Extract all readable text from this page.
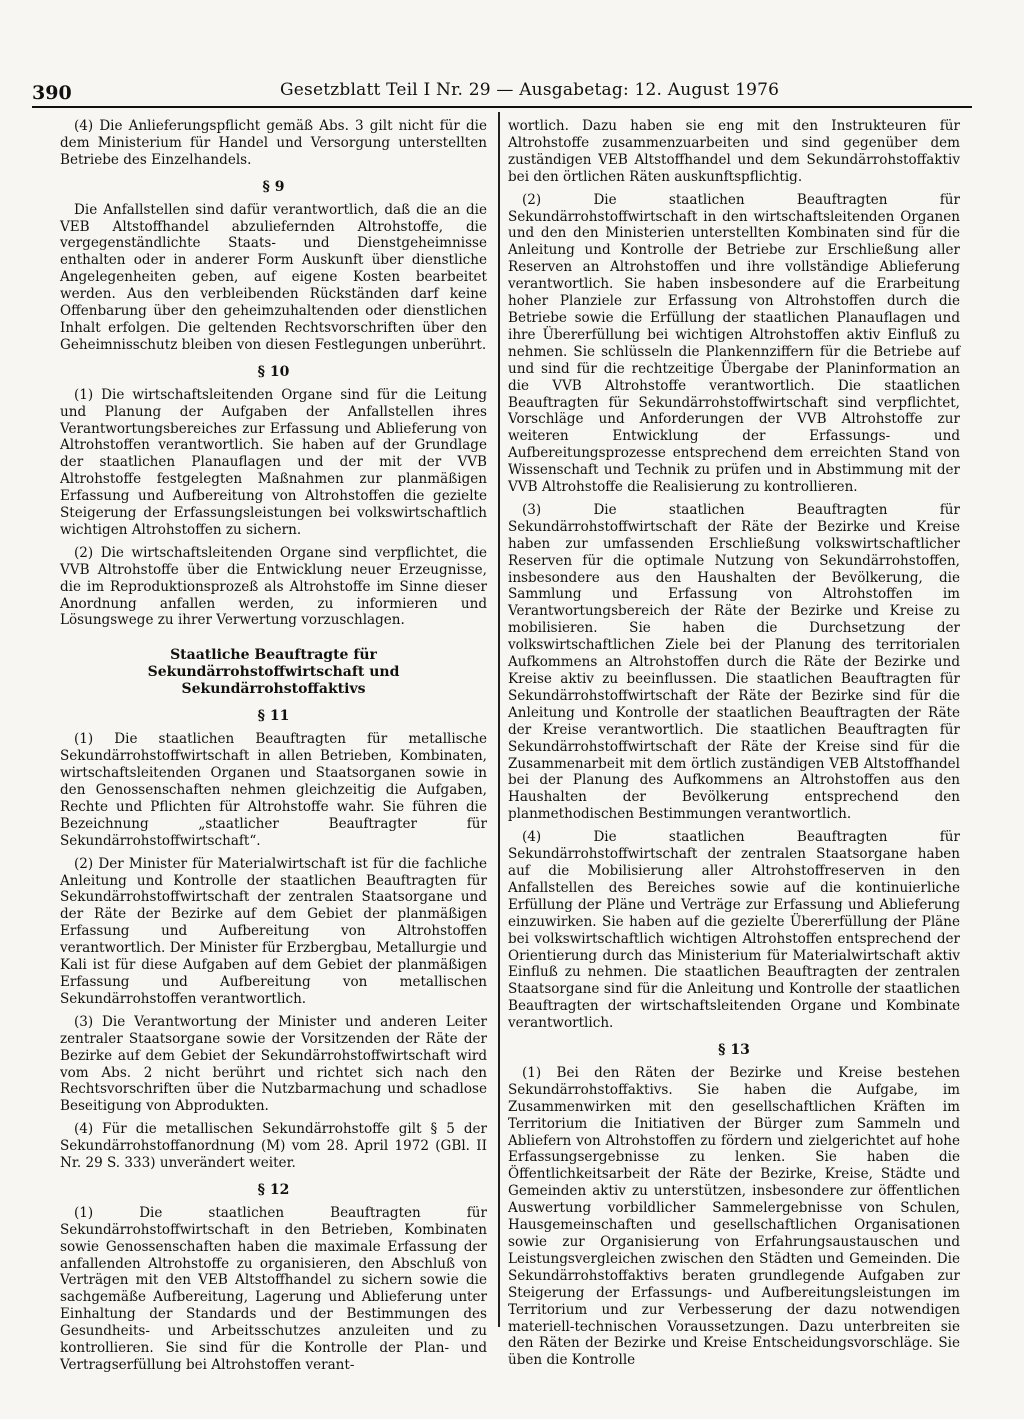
390	Gesetzblatt Teil I Nr. 29 — Ausgabetag: 12. August 1976

(4) Die Anlieferungspflicht gemäß Abs. 3 gilt nicht für die dem Ministerium für Handel und Versorgung unterstellten Betriebe des Einzelhandels.

§ 9

Die Anfallstellen sind dafür verantwortlich, daß die an die VEB Altstoffhandel abzuliefernden Altrohstoffe, die vergegenständlichte Staats- und Dienstgeheimnisse enthalten oder in anderer Form Auskunft über dienstliche Angelegenheiten geben, auf eigene Kosten bearbeitet werden. Aus den verbleibenden Rückständen darf keine Offenbarung über den geheimzuhaltenden oder dienstlichen Inhalt erfolgen. Die geltenden Rechtsvorschriften über den Geheimnisschutz bleiben von diesen Festlegungen unberührt.

§ 10

(1) Die wirtschaftsleitenden Organe sind für die Leitung und Planung der Aufgaben der Anfallstellen ihres Verantwortungsbereiches zur Erfassung und Ablieferung von Altrohstoffen verantwortlich. Sie haben auf der Grundlage der staatlichen Planauflagen und der mit der VVB Altrohstoffe festgelegten Maßnahmen zur planmäßigen Erfassung und Aufbereitung von Altrohstoffen die gezielte Steigerung der Erfassungsleistungen bei volkswirtschaftlich wichtigen Altrohstoffen zu sichern.

(2) Die wirtschaftsleitenden Organe sind verpflichtet, die VVB Altrohstoffe über die Entwicklung neuer Erzeugnisse, die im Reproduktionsprozeß als Altrohstoffe im Sinne dieser Anordnung anfallen werden, zu informieren und Lösungswege zu ihrer Verwertung vorzuschlagen.

Staatliche Beauftragte für Sekundärrohstoffwirtschaft und Sekundärrohstoffaktivs
§ 11

(1) Die staatlichen Beauftragten für metallische Sekundärrohstoffwirtschaft in allen Betrieben, Kombinaten, wirtschaftsleitenden Organen und Staatsorganen sowie in den Genossenschaften nehmen gleichzeitig die Aufgaben, Rechte und Pflichten für Altrohstoffe wahr. Sie führen die Bezeichnung „staatlicher Beauftragter für Sekundärrohstoffwirtschaft“.

(2) Der Minister für Materialwirtschaft ist für die fachliche Anleitung und Kontrolle der staatlichen Beauftragten für Sekundärrohstoffwirtschaft der zentralen Staatsorgane und der Räte der Bezirke auf dem Gebiet der planmäßigen Erfassung und Aufbereitung von Altrohstoffen verantwortlich. Der Minister für Erzbergbau, Metallurgie und Kali ist für diese Aufgaben auf dem Gebiet der planmäßigen Erfassung und Aufbereitung von metallischen Sekundärrohstoffen verantwortlich.

(3) Die Verantwortung der Minister und anderen Leiter zentraler Staatsorgane sowie der Vorsitzenden der Räte der Bezirke auf dem Gebiet der Sekundärrohstoffwirtschaft wird vom Abs. 2 nicht berührt und richtet sich nach den Rechtsvorschriften über die Nutzbarmachung und schadlose Beseitigung von Abprodukten.

(4) Für die metallischen Sekundärrohstoffe gilt § 5 der Sekundärrohstoffanordnung (M) vom 28. April 1972 (GBl. II Nr. 29 S. 333) unverändert weiter.

§ 12

(1) Die staatlichen Beauftragten für Sekundärrohstoffwirtschaft in den Betrieben, Kombinaten sowie Genossenschaften haben die maximale Erfassung der anfallenden Altrohstoffe zu organisieren, den Abschluß von Verträgen mit den VEB Altstoffhandel zu sichern sowie die sachgemäße Aufbereitung, Lagerung und Ablieferung unter Einhaltung der Standards und der Bestimmungen des Gesundheits- und Arbeitsschutzes anzuleiten und zu kontrollieren. Sie sind für die Kontrolle der Plan- und Vertragserfüllung bei Altrohstoffen verant-

wortlich. Dazu haben sie eng mit den Instrukteuren für Altrohstoffe zusammenzuarbeiten und sind gegenüber dem zuständigen VEB Altstoffhandel und dem Sekundärrohstoffaktiv bei den örtlichen Räten auskunftspflichtig.

(2) Die staatlichen Beauftragten für Sekundärrohstoffwirtschaft in den wirtschaftsleitenden Organen und den den Ministerien unterstellten Kombinaten sind für die Anleitung und Kontrolle der Betriebe zur Erschließung aller Reserven an Altrohstoffen und ihre vollständige Ablieferung verantwortlich. Sie haben insbesondere auf die Erarbeitung hoher Planziele zur Erfassung von Altrohstoffen durch die Betriebe sowie die Erfüllung der staatlichen Planauflagen und ihre Übererfüllung bei wichtigen Altrohstoffen aktiv Einfluß zu nehmen. Sie schlüsseln die Plankennziffern für die Betriebe auf und sind für die rechtzeitige Übergabe der Planinformation an die VVB Altrohstoffe verantwortlich. Die staatlichen Beauftragten für Sekundärrohstoffwirtschaft sind verpflichtet, Vorschläge und Anforderungen der VVB Altrohstoffe zur weiteren Entwicklung der Erfassungs- und Aufbereitungsprozesse entsprechend dem erreichten Stand von Wissenschaft und Technik zu prüfen und in Abstimmung mit der VVB Altrohstoffe die Realisierung zu kontrollieren.

(3) Die staatlichen Beauftragten für Sekundärrohstoffwirtschaft der Räte der Bezirke und Kreise haben zur umfassenden Erschließung volkswirtschaftlicher Reserven für die optimale Nutzung von Sekundärrohstoffen, insbesondere aus den Haushalten der Bevölkerung, die Sammlung und Erfassung von Altrohstoffen im Verantwortungsbereich der Räte der Bezirke und Kreise zu mobilisieren. Sie haben die Durchsetzung der volkswirtschaftlichen Ziele bei der Planung des territorialen Aufkommens an Altrohstoffen durch die Räte der Bezirke und Kreise aktiv zu beeinflussen. Die staatlichen Beauftragten für Sekundärrohstoffwirtschaft der Räte der Bezirke sind für die Anleitung und Kontrolle der staatlichen Beauftragten der Räte der Kreise verantwortlich. Die staatlichen Beauftragten für Sekundärrohstoffwirtschaft der Räte der Kreise sind für die Zusammenarbeit mit dem örtlich zuständigen VEB Altstoffhandel bei der Planung des Aufkommens an Altrohstoffen aus den Haushalten der Bevölkerung entsprechend den planmethodischen Bestimmungen verantwortlich.

(4) Die staatlichen Beauftragten für Sekundärrohstoffwirtschaft der zentralen Staatsorgane haben auf die Mobilisierung aller Altrohstoffreserven in den Anfallstellen des Bereiches sowie auf die kontinuierliche Erfüllung der Pläne und Verträge zur Erfassung und Ablieferung einzuwirken. Sie haben auf die gezielte Übererfüllung der Pläne bei volkswirtschaftlich wichtigen Altrohstoffen entsprechend der Orientierung durch das Ministerium für Materialwirtschaft aktiv Einfluß zu nehmen. Die staatlichen Beauftragten der zentralen Staatsorgane sind für die Anleitung und Kontrolle der staatlichen Beauftragten der wirtschaftsleitenden Organe und Kombinate verantwortlich.

§ 13

(1) Bei den Räten der Bezirke und Kreise bestehen Sekundärrohstoffaktivs. Sie haben die Aufgabe, im Zusammenwirken mit den gesellschaftlichen Kräften im Territorium die Initiativen der Bürger zum Sammeln und Abliefern von Altrohstoffen zu fördern und zielgerichtet auf hohe Erfassungsergebnisse zu lenken. Sie haben die Öffentlichkeitsarbeit der Räte der Bezirke, Kreise, Städte und Gemeinden aktiv zu unterstützen, insbesondere zur öffentlichen Auswertung vorbildlicher Sammelergebnisse von Schulen, Hausgemeinschaften und gesellschaftlichen Organisationen sowie zur Organisierung von Erfahrungsaustauschen und Leistungsvergleichen zwischen den Städten und Gemeinden. Die Sekundärrohstoffaktivs beraten grundlegende Aufgaben zur Steigerung der Erfassungs- und Aufbereitungsleistungen im Territorium und zur Verbesserung der dazu notwendigen materiell-technischen Voraussetzungen. Dazu unterbreiten sie den Räten der Bezirke und Kreise Entscheidungsvorschläge. Sie üben die Kontrolle
